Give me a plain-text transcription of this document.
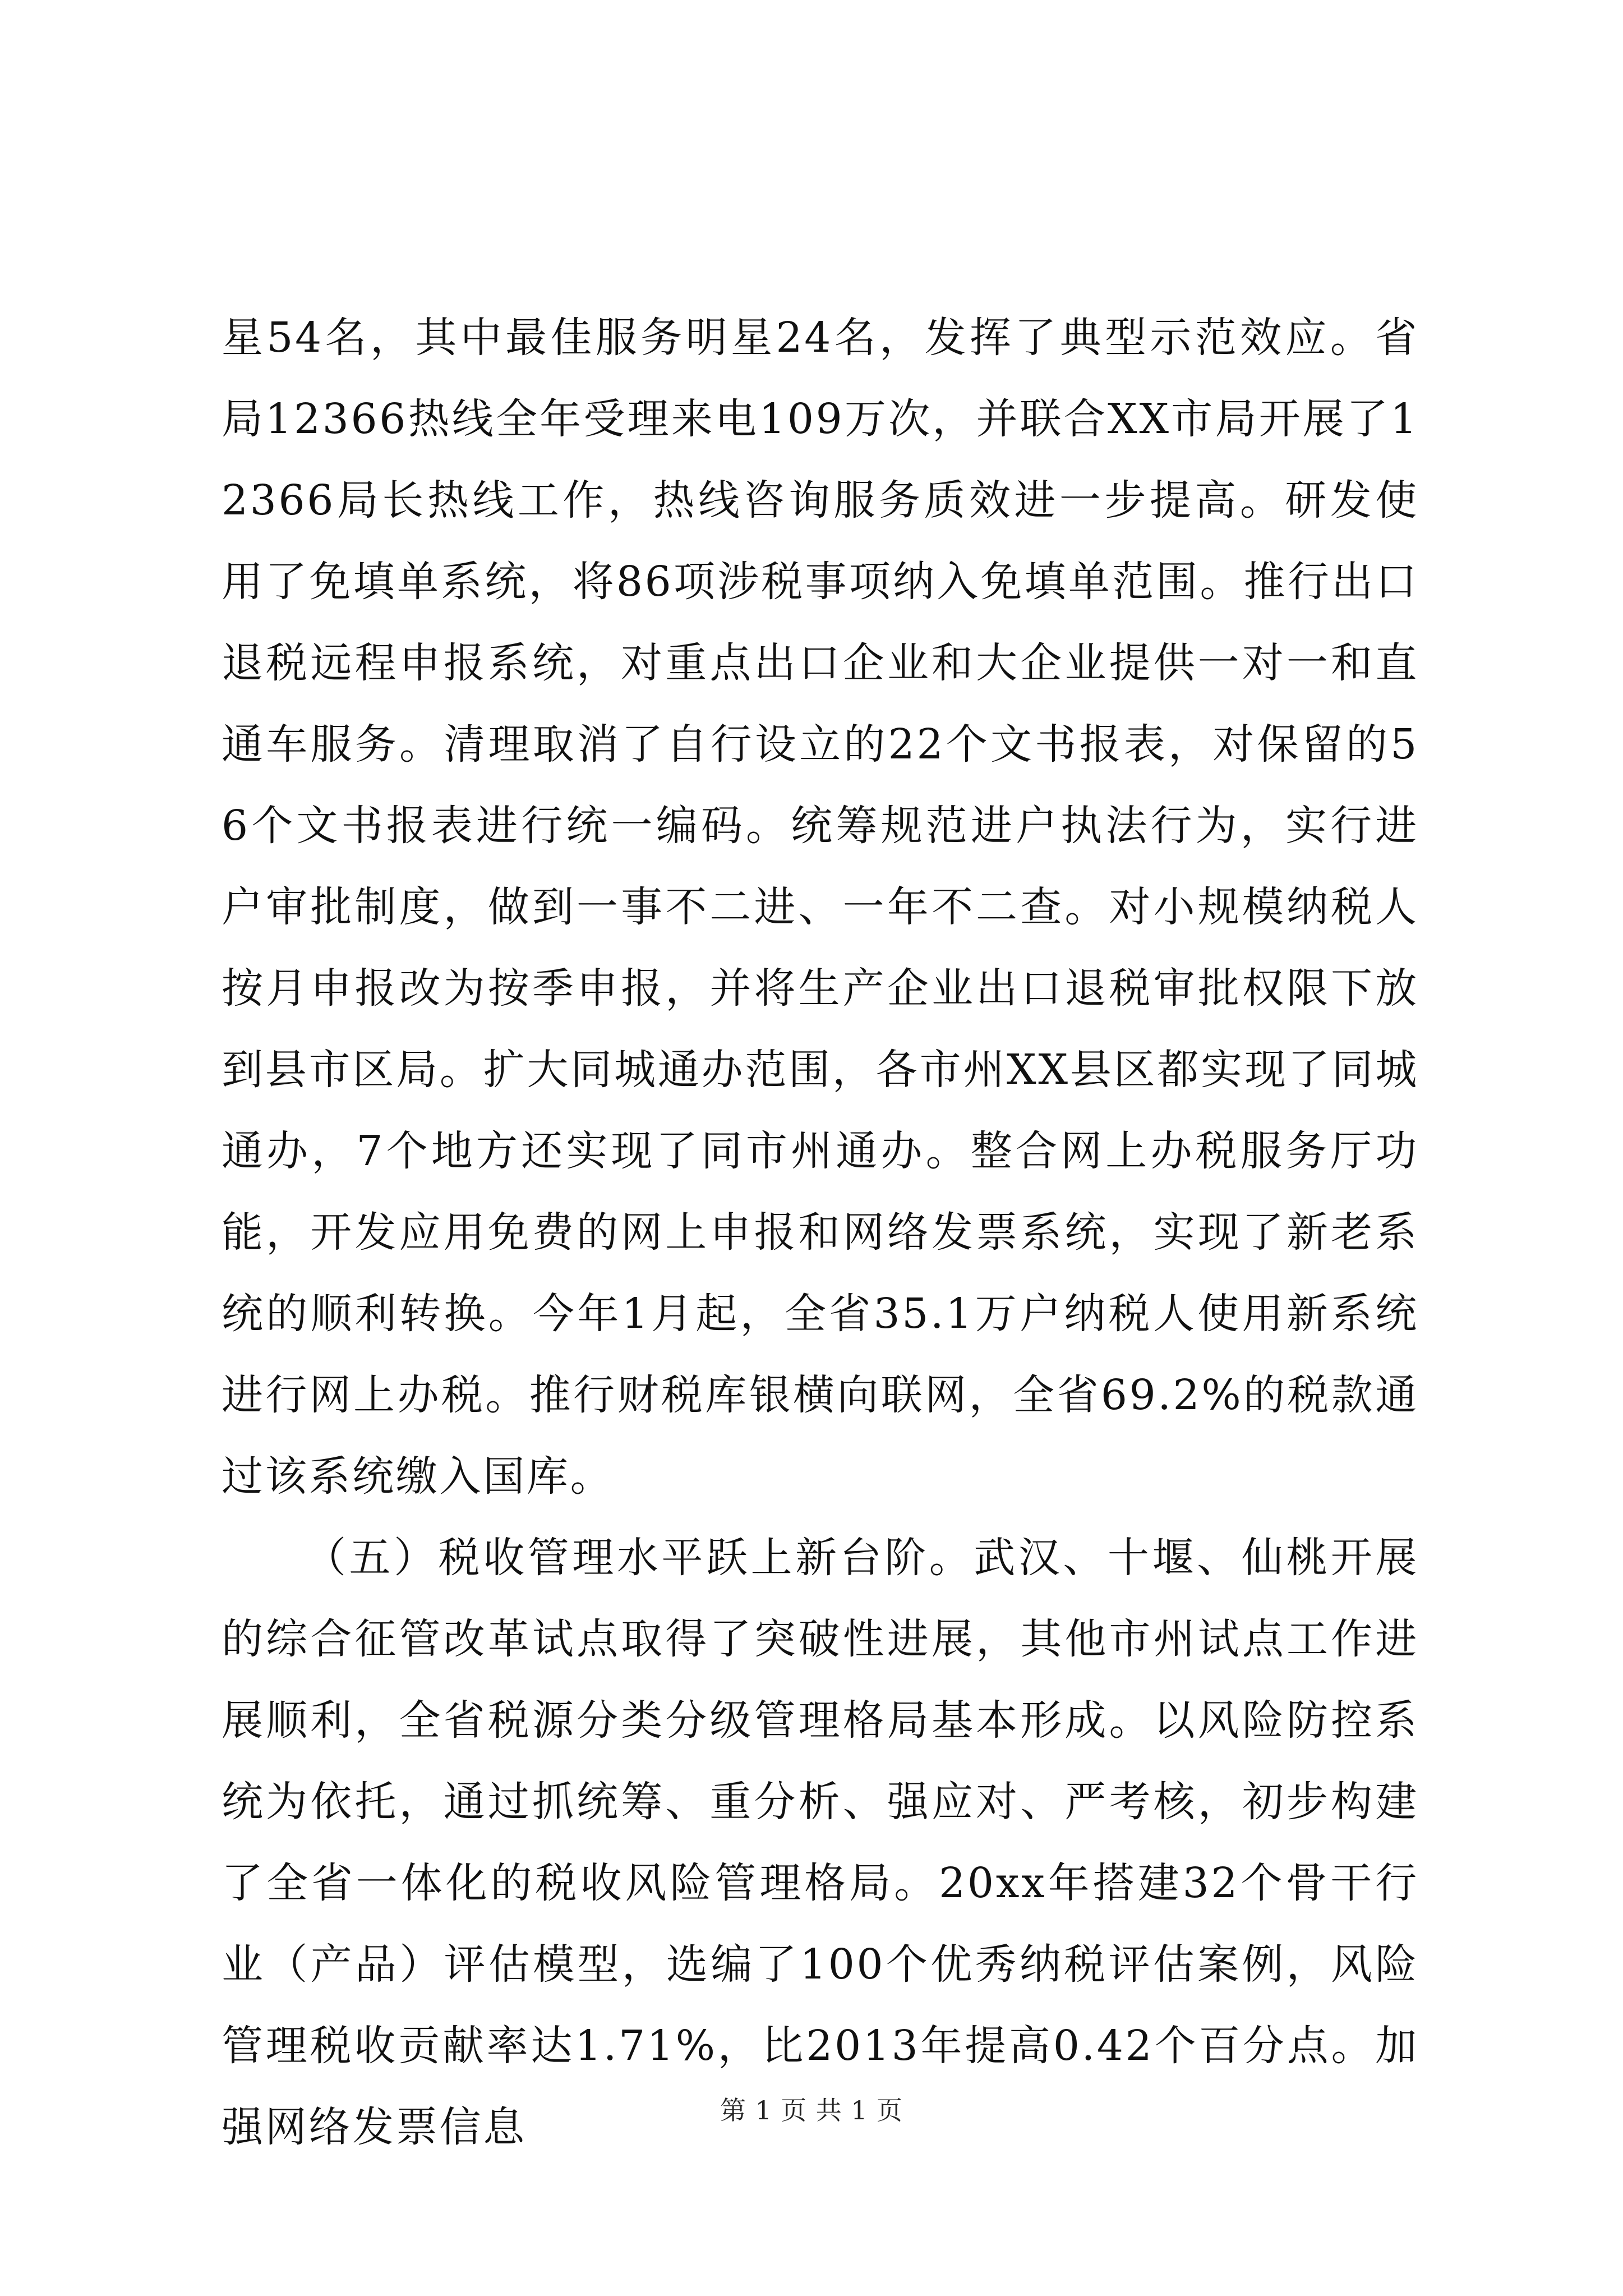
星54名，其中最佳服务明星24名，发挥了典型示范效应。省局12366热线全年受理来电109万次，并联合XX市局开展了12366局长热线工作，热线咨询服务质效进一步提高。研发使用了免填单系统，将86项涉税事项纳入免填单范围。推行出口退税远程申报系统，对重点出口企业和大企业提供一对一和直通车服务。清理取消了自行设立的22个文书报表，对保留的56个文书报表进行统一编码。统筹规范进户执法行为，实行进户审批制度，做到一事不二进、一年不二查。对小规模纳税人按月申报改为按季申报，并将生产企业出口退税审批权限下放到县市区局。扩大同城通办范围，各市州XX县区都实现了同城通办，7个地方还实现了同市州通办。整合网上办税服务厅功能，开发应用免费的网上申报和网络发票系统，实现了新老系统的顺利转换。今年1月起，全省35.1万户纳税人使用新系统进行网上办税。推行财税库银横向联网，全省69.2%的税款通过该系统缴入国库。

（五）税收管理水平跃上新台阶。武汉、十堰、仙桃开展的综合征管改革试点取得了突破性进展，其他市州试点工作进展顺利，全省税源分类分级管理格局基本形成。以风险防控系统为依托，通过抓统筹、重分析、强应对、严考核，初步构建了全省一体化的税收风险管理格局。20xx年搭建32个骨干行业（产品）评估模型，选编了100个优秀纳税评估案例，风险管理税收贡献率达1.71%，比2013年提高0.42个百分点。加强网络发票信息	第 1 页 共 1 页
